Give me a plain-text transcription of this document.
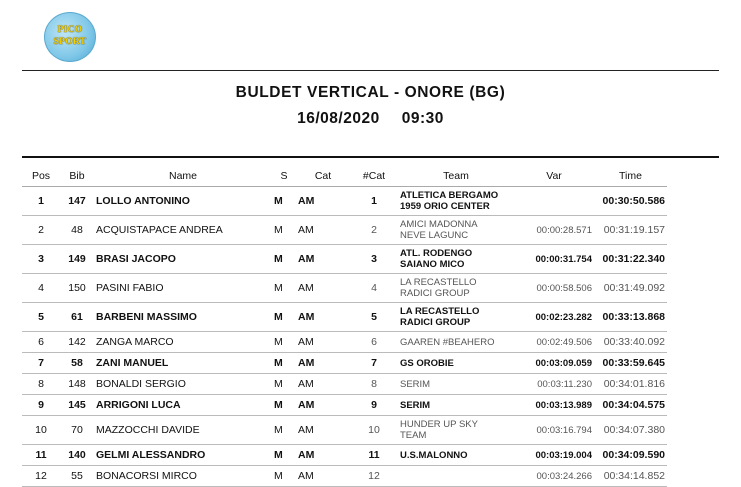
PICO
SPORT
BULDET VERTICAL - ONORE (BG)
16/08/2020 09:30
Pos	Bib	Name	S	Cat	#Cat	Team	Var	Time
1	147	LOLLO ANTONINO	M	AM	1	ATLETICA BERGAMO
1959 ORIO CENTER		00:30:50.586
2	48	ACQUISTAPACE ANDREA	M	AM	2	AMICI MADONNA
NEVE LAGUNC	00:00:28.571	00:31:19.157
3	149	BRASI JACOPO	M	AM	3	ATL. RODENGO
SAIANO MICO	00:00:31.754	00:31:22.340
4	150	PASINI FABIO	M	AM	4	LA RECASTELLO
RADICI GROUP	00:00:58.506	00:31:49.092
5	61	BARBENI MASSIMO	M	AM	5	LA RECASTELLO
RADICI GROUP	00:02:23.282	00:33:13.868
6	142	ZANGA MARCO	M	AM	6	GAAREN #BEAHERO	00:02:49.506	00:33:40.092
7	58	ZANI MANUEL	M	AM	7	GS OROBIE	00:03:09.059	00:33:59.645
8	148	BONALDI SERGIO	M	AM	8	SERIM	00:03:11.230	00:34:01.816
9	145	ARRIGONI LUCA	M	AM	9	SERIM	00:03:13.989	00:34:04.575
10	70	MAZZOCCHI DAVIDE	M	AM	10	HUNDER UP SKY
TEAM	00:03:16.794	00:34:07.380
11	140	GELMI ALESSANDRO	M	AM	11	U.S.MALONNO	00:03:19.004	00:34:09.590
12	55	BONACORSI MIRCO	M	AM	12		00:03:24.266	00:34:14.852
